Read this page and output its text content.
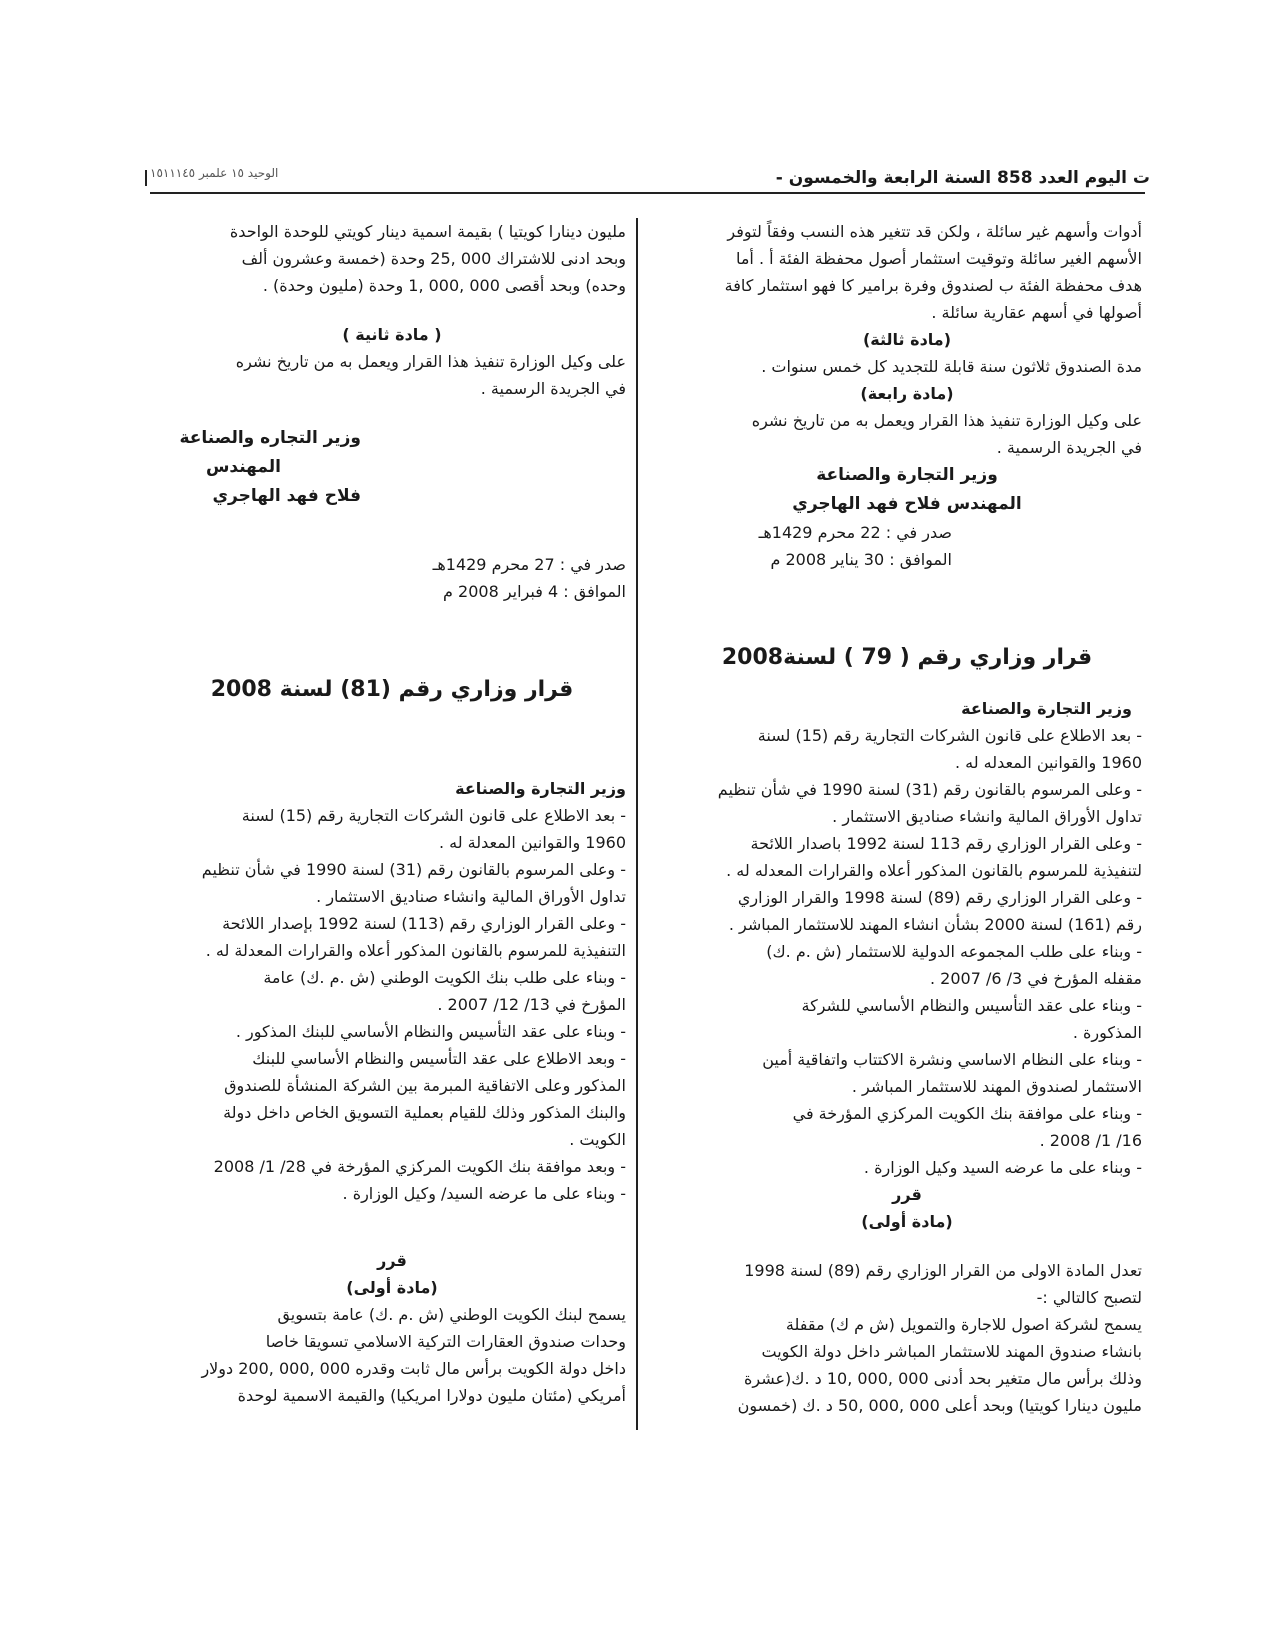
الوحيد ١٥ علمبر ١٥١١١٤٥	ت اليوم العدد 858 السنة الرابعة والخمسون -
أدوات وأسهم غير سائلة ، ولكن قد تتغير هذه النسب وفقاً لتوفر
الأسهم الغير سائلة وتوقيت استثمار أصول محفظة الفئة أ . أما
هدف محفظة الفئة ب لصندوق وفرة برامير كا فهو استثمار كافة
أصولها في أسهم عقارية سائلة .
(مادة ثالثة)
مدة الصندوق ثلاثون سنة قابلة للتجديد كل خمس سنوات .
(مادة رابعة)
على وكيل الوزارة تنفيذ هذا القرار ويعمل به من تاريخ نشره
في الجريدة الرسمية .
وزير التجارة والصناعة
المهندس فلاح فهد الهاجري
صدر في : 22 محرم 1429هـ
الموافق : 30 يناير 2008 م
قرار وزاري رقم ( 79 ) لسنة2008
وزير التجارة والصناعة
- بعد الاطلاع على قانون الشركات التجارية رقم (15) لسنة
1960 والقوانين المعدله له .
- وعلى المرسوم بالقانون رقم (31) لسنة 1990 في شأن تنظيم
تداول الأوراق المالية وانشاء صناديق الاستثمار .
- وعلى القرار الوزاري رقم 113 لسنة 1992 باصدار اللائحة
لتنفيذية للمرسوم بالقانون المذكور أعلاه والقرارات المعدله له .
- وعلى القرار الوزاري رقم (89) لسنة 1998 والقرار الوزاري
رقم (161) لسنة 2000 بشأن انشاء المهند للاستثمار المباشر .
- وبناء على طلب المجموعه الدولية للاستثمار (ش .م .ك)
مقفله المؤرخ في 3/ 6/ 2007 .
- وبناء على عقد التأسيس والنظام الأساسي للشركة
المذكورة .
- وبناء على النظام الاساسي ونشرة الاكتتاب واتفاقية أمين
الاستثمار لصندوق المهند للاستثمار المباشر .
- وبناء على موافقة بنك الكويت المركزي المؤرخة في
16/ 1/ 2008 .
- وبناء على ما عرضه السيد وكيل الوزارة .
قرر
(مادة أولى)
تعدل المادة الاولى من القرار الوزاري رقم (89) لسنة 1998
لتصبح كالتالي :-
يسمح لشركة اصول للاجارة والتمويل (ش م ك) مقفلة
بانشاء صندوق المهند للاستثمار المباشر داخل دولة الكويت
وذلك برأس مال متغير بحد أدنى 000 ,000 ,10 د .ك(عشرة
مليون دينارا كويتيا) وبحد أعلى 000 ,000 ,50 د .ك (خمسون
مليون دينارا كويتيا ) بقيمة اسمية دينار كويتي للوحدة الواحدة
وبحد ادنى للاشتراك 000 ,25 وحدة (خمسة وعشرون ألف
وحده) وبحد أقصى 000 ,000 ,1 وحدة (مليون وحدة) .
( مادة ثانية )
على وكيل الوزارة تنفيذ هذا القرار ويعمل به من تاريخ نشره
في الجريدة الرسمية .
وزير التجاره والصناعة
المهندس
فلاح فهد الهاجري
صدر في : 27 محرم 1429هـ
الموافق : 4 فبراير 2008 م
قرار وزاري رقم (81) لسنة 2008
وزير التجارة والصناعة
- بعد الاطلاع على قانون الشركات التجارية رقم (15) لسنة
1960 والقوانين المعدلة له .
- وعلى المرسوم بالقانون رقم (31) لسنة 1990 في شأن تنظيم
تداول الأوراق المالية وانشاء صناديق الاستثمار .
- وعلى القرار الوزاري رقم (113) لسنة 1992 بإصدار اللائحة
التنفيذية للمرسوم بالقانون المذكور أعلاه والقرارات المعدلة له .
- وبناء على طلب بنك الكويت الوطني (ش .م .ك) عامة
المؤرخ في 13/ 12/ 2007 .
- وبناء على عقد التأسيس والنظام الأساسي للبنك المذكور .
- وبعد الاطلاع على عقد التأسيس والنظام الأساسي للبنك
المذكور وعلى الاتفاقية المبرمة بين الشركة المنشأة للصندوق
والبنك المذكور وذلك للقيام بعملية التسويق الخاص داخل دولة
الكويت .
- وبعد موافقة بنك الكويت المركزي المؤرخة في 28/ 1/ 2008
- وبناء على ما عرضه السيد/ وكيل الوزارة .
قرر
(مادة أولى)
يسمح لبنك الكويت الوطني (ش .م .ك) عامة بتسويق
وحدات صندوق العقارات التركية الاسلامي تسويقا خاصا
داخل دولة الكويت برأس مال ثابت وقدره 000 ,000 ,200 دولار
أمريكي (مئتان مليون دولارا امريكيا) والقيمة الاسمية لوحدة
